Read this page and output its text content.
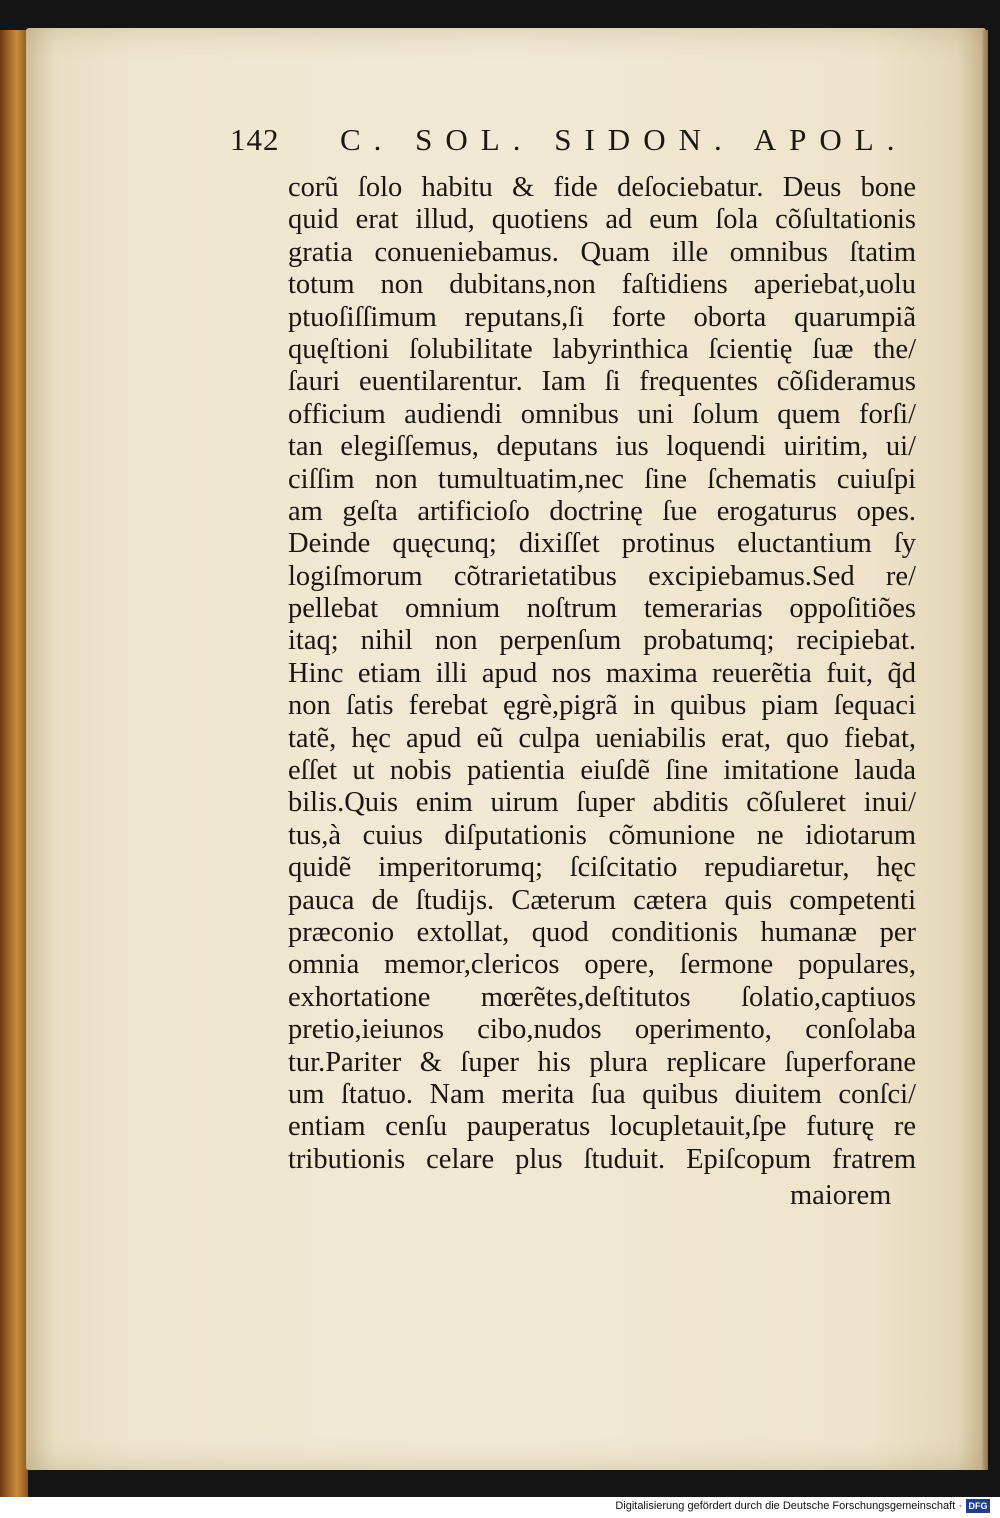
142 C. SOL. SIDON. APOL.
corũ ſolo habitu & fide deſociebatur. Deus bone
quid erat illud, quotiens ad eum ſola cõſultationis
gratia conueniebamus. Quam ille omnibus ſtatim
totum non dubitans,non faſtidiens aperiebat,uolu
ptuoſiſſimum reputans,ſi forte oborta quarumpiã
quęſtioni ſolubilitate labyrinthica ſcientię ſuæ the/
ſauri euentilarentur. Iam ſi frequentes cõſideramus
officium audiendi omnibus uni ſolum quem forſi/
tan elegiſſemus, deputans ius loquendi uiritim, ui/
ciſſim non tumultuatim,nec ſine ſchematis cuiuſpi
am geſta artificioſo doctrinę ſue erogaturus opes.
Deinde quęcunq; dixiſſet protinus eluctantium ſy
logiſmorum cõtrarietatibus excipiebamus.Sed re/
pellebat omnium noſtrum temerarias oppoſitiões
itaq; nihil non perpenſum probatumq; recipiebat.
Hinc etiam illi apud nos maxima reuerẽtia fuit, q̃d
non ſatis ferebat ęgrè,pigrã in quibus piam ſequaci
tatẽ, hęc apud eũ culpa ueniabilis erat, quo fiebat,
eſſet ut nobis patientia eiuſdẽ ſine imitatione lauda
bilis.Quis enim uirum ſuper abditis cõſuleret inui/
tus,à cuius diſputationis cõmunione ne idiotarum
quidẽ imperitorumq; ſciſcitatio repudiaretur, hęc
pauca de ſtudijs. Cæterum cætera quis competenti
præconio extollat, quod conditionis humanæ per
omnia memor,clericos opere, ſermone populares,
exhortatione mœrẽtes,deſtitutos ſolatio,captiuos
pretio,ieiunos cibo,nudos operimento, conſolaba
tur.Pariter & ſuper his plura replicare ſuperforane
um ſtatuo. Nam merita ſua quibus diuitem conſci/
entiam cenſu pauperatus locupletauit,ſpe futurę re
tributionis celare plus ſtuduit. Epiſcopum fratrem
maiorem
Digitalisierung gefördert durch die Deutsche Forschungsgemeinschaft · DFG
